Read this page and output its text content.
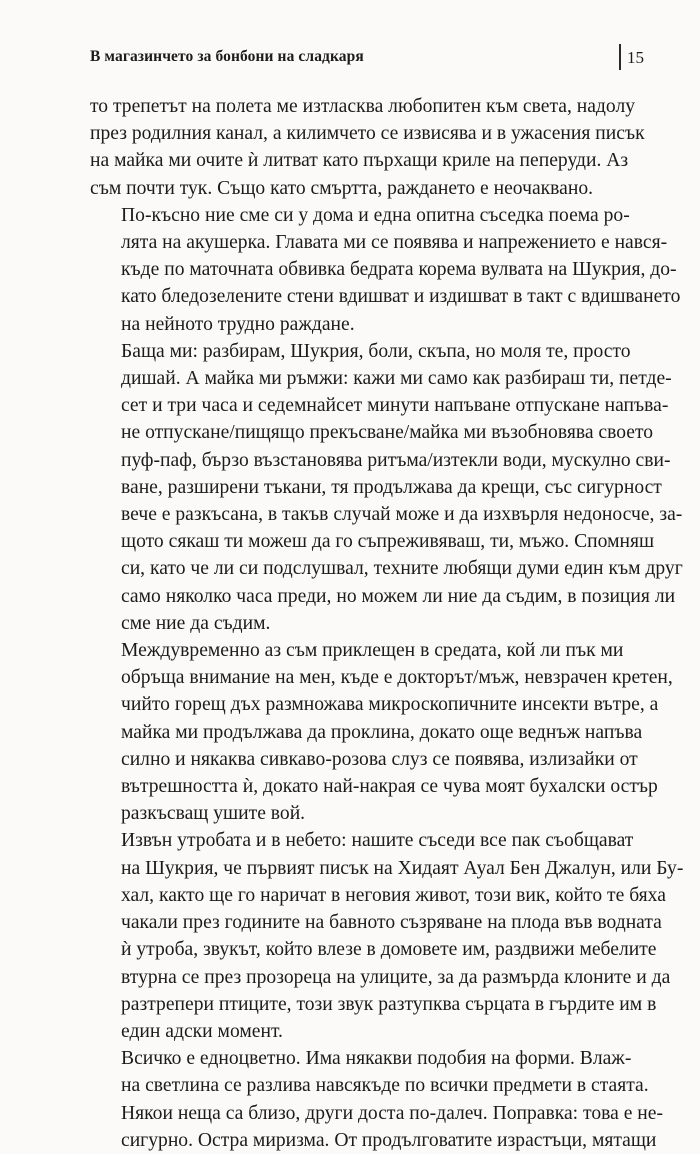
В магазинчето за бонбони на сладкаря	15

то трепетът на полета ме изтласква любопитен към света, надолу
през родилния канал, а килимчето се извисява и в ужасения писък
на майка ми очите ѝ литват като пърхащи криле на пеперуди. Аз
съм почти тук. Също като смъртта, раждането е неочаквано.

По-късно ние сме си у дома и една опитна съседка поема ро-
лята на акушерка. Главата ми се появява и напрежението е нався-
къде по маточната обвивка бедрата корема вулвата на Шукрия, до-
като бледозелените стени вдишват и издишват в такт с вдишването
на нейното трудно раждане.

Баща ми: разбирам, Шукрия, боли, скъпа, но моля те, просто
дишай. А майка ми ръмжи: кажи ми само как разбираш ти, петде-
сет и три часа и седемнайсет минути напъване отпускане напъва-
не отпускане/пищящо прекъсване/майка ми възобновява своето
пуф-паф, бързо възстановява ритъма/изтекли води, мускулно сви-
ване, разширени тъкани, тя продължава да крещи, със сигурност
вече е разкъсана, в такъв случай може и да изхвърля недоносче, за-
щото сякаш ти можеш да го съпреживяваш, ти, мъжо. Спомняш
си, като че ли си подслушвал, техните любящи думи един към друг
само няколко часа преди, но можем ли ние да съдим, в позиция ли
сме ние да съдим.

Междувременно аз съм приклещен в средата, кой ли пък ми
обръща внимание на мен, къде е докторът/мъж, невзрачен кретен,
чийто горещ дъх размножава микроскопичните инсекти вътре, а
майка ми продължава да проклина, докато още веднъж напъва
силно и някаква сивкаво-розова слуз се появява, излизайки от
вътрешността ѝ, докато най-накрая се чува моят бухалски остър
разкъсващ ушите вой.

Извън утробата и в небето: нашите съседи все пак съобщават
на Шукрия, че първият писък на Хидаят Ауал Бен Джалун, или Бу-
хал, както ще го наричат в неговия живот, този вик, който те бяха
чакали през годините на бавното съзряване на плода във водната
ѝ утроба, звукът, който влезе в домовете им, раздвижи мебелите
втурна се през прозореца на улиците, за да размърда клоните и да
разтрепери птиците, този звук разтупква сърцата в гърдите им в
един адски момент.

Всичко е едноцветно. Има някакви подобия на форми. Влаж-
на светлина се разлива навсякъде по всички предмети в стаята.
Някои неща са близо, други доста по-далеч. Поправка: това е не-
сигурно. Остра миризма. От продълговатите израстъци, мятащи
